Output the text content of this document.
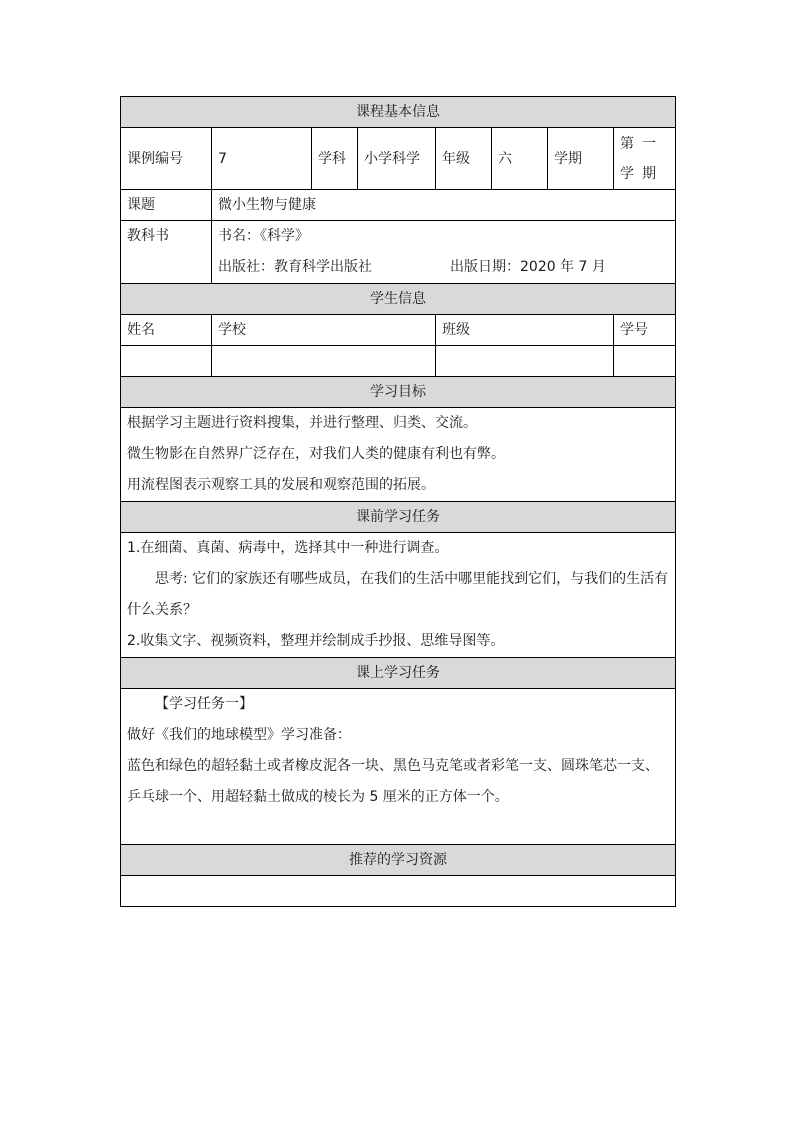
课程基本信息							
课例编号	7	学科	小学科学	年级	六	学期	第一学期
课题	微小生物与健康						
教科书	书名：《科学》
出版社：教育科学出版社 出版日期：2020 年 7 月						

学生信息							
姓名	学校			班级			学号

学习目标							

根据学习主题进行资料搜集，并进行整理、归类、交流。
微生物影在自然界广泛存在，对我们人类的健康有利也有弊。
用流程图表示观察工具的发展和观察范围的拓展。							

课前学习任务							

1.在细菌、真菌、病毒中，选择其中一种进行调查。
思考: 它们的家族还有哪些成员，在我们的生活中哪里能找到它们，与我们的生活有什么关系？
2.收集文字、视频资料，整理并绘制成手抄报、思维导图等。							

课上学习任务							

【学习任务一】
做好《我们的地球模型》学习准备：
蓝色和绿色的超轻黏土或者橡皮泥各一块、黑色马克笔或者彩笔一支、圆珠笔芯一支、乒乓球一个、用超轻黏土做成的棱长为 5 厘米的正方体一个。							

推荐的学习资源							
